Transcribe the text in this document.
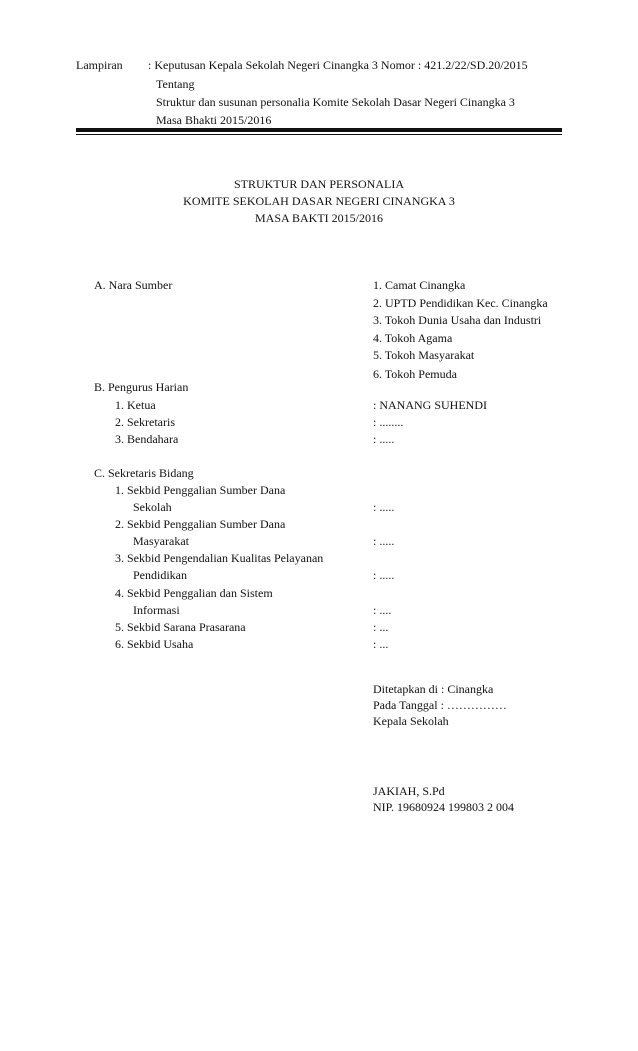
Lampiran : Keputusan Kepala Sekolah Negeri Cinangka 3 Nomor : 421.2/22/SD.20/2015
Tentang
Struktur dan susunan personalia Komite Sekolah Dasar Negeri Cinangka 3
Masa Bhakti 2015/2016
STRUKTUR DAN PERSONALIA
KOMITE SEKOLAH DASAR NEGERI CINANGKA 3
MASA BAKTI 2015/2016
A. Nara Sumber	1. Camat Cinangka
2. UPTD Pendidikan Kec. Cinangka
3. Tokoh Dunia Usaha dan Industri
4. Tokoh Agama
5. Tokoh Masyarakat
6. Tokoh Pemuda
B. Pengurus Harian
1. Ketua	: NANANG SUHENDI
2. Sekretaris	: ........
3. Bendahara	: .....
C. Sekretaris Bidang
1. Sekbid Penggalian Sumber Dana
Sekolah	: .....
2. Sekbid Penggalian Sumber Dana
Masyarakat	: .....
3. Sekbid Pengendalian Kualitas Pelayanan
Pendidikan	: .....
4. Sekbid Penggalian dan Sistem
Informasi	: ....
5. Sekbid Sarana Prasarana	: ...
6. Sekbid Usaha	: ...
Ditetapkan di : Cinangka
Pada Tanggal : ……………
Kepala Sekolah
JAKIAH, S.Pd
NIP. 19680924 199803 2 004
